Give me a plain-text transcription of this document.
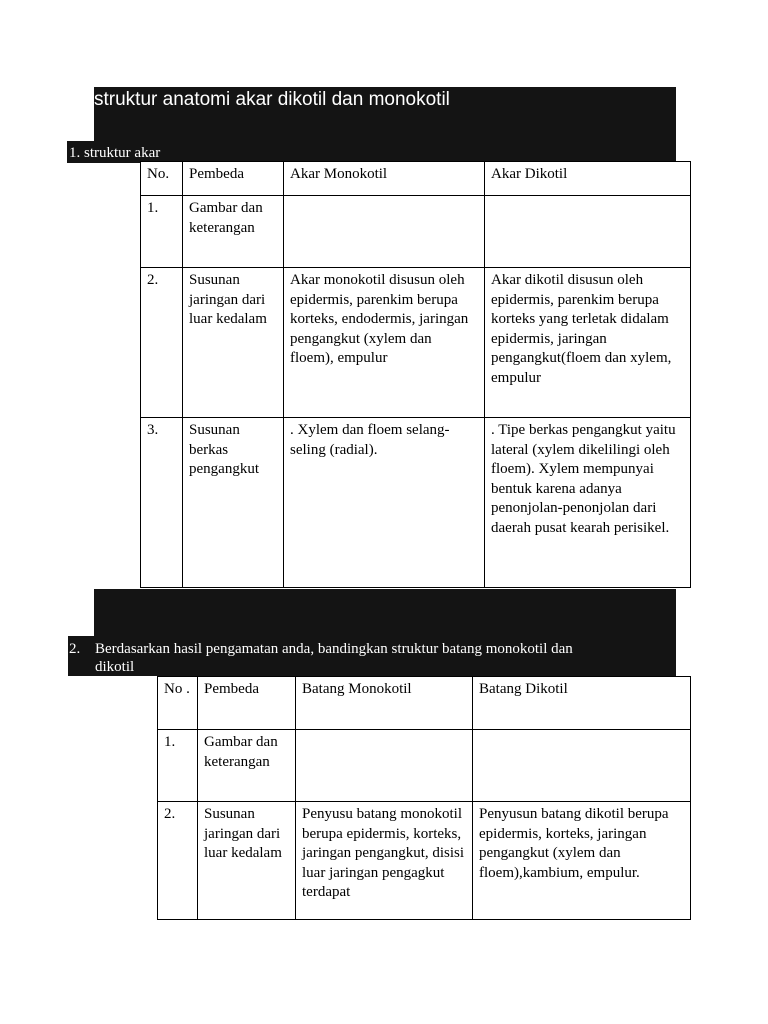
struktur anatomi akar dikotil dan monokotil
1. struktur akar
2. Berdasarkan hasil pengamatan anda, bandingkan struktur batang monokotil dan
dikotil
No.	Pembeda	Akar Monokotil	Akar Dikotil
1.	Gambar dan keterangan		
2.	Susunan jaringan dari luar kedalam	Akar monokotil disusun oleh epidermis, parenkim berupa korteks, endodermis, jaringan pengangkut (xylem dan floem), empulur	Akar dikotil disusun oleh epidermis, parenkim berupa korteks yang terletak didalam epidermis, jaringan pengangkut(floem dan xylem, empulur
3.	Susunan berkas pengangkut	. Xylem dan floem selang-seling (radial).	. Tipe berkas pengangkut yaitu lateral (xylem dikelilingi oleh floem). Xylem mempunyai bentuk karena adanya penonjolan-penonjolan dari daerah pusat kearah perisikel.
No .	Pembeda	Batang Monokotil	Batang Dikotil
1.	Gambar dan keterangan		
2.	Susunan jaringan dari luar kedalam	Penyusu batang monokotil berupa epidermis, korteks, jaringan pengangkut, disisi luar jaringan pengagkut terdapat	Penyusun batang dikotil berupa epidermis, korteks, jaringan pengangkut (xylem dan floem),kambium, empulur.
